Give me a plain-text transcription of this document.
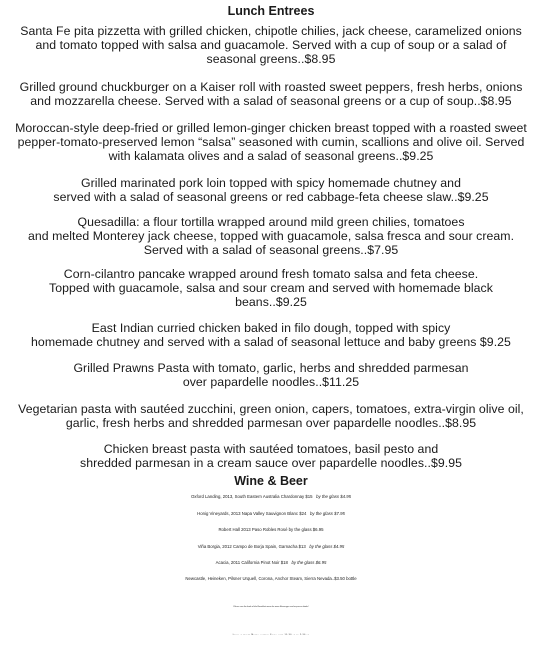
Lunch Entrees
Santa Fe pita pizzetta with grilled chicken, chipotle chilies, jack cheese, caramelized onions
and tomato topped with salsa and guacamole. Served with a cup of soup or a salad of
seasonal greens..$8.95
Grilled ground chuckburger on a Kaiser roll with roasted sweet peppers, fresh herbs, onions
and mozzarella cheese. Served with a salad of seasonal greens or a cup of soup..$8.95
Moroccan-style deep-fried or grilled lemon-ginger chicken breast topped with a roasted sweet
pepper-tomato-preserved lemon “salsa” seasoned with cumin, scallions and olive oil. Served
with kalamata olives and a salad of seasonal greens..$9.25
Grilled marinated pork loin topped with spicy homemade chutney and
served with a salad of seasonal greens or red cabbage-feta cheese slaw..$9.25
Quesadilla: a flour tortilla wrapped around mild green chilies, tomatoes
and melted Monterey jack cheese, topped with guacamole, salsa fresca and sour cream.
Served with a salad of seasonal greens..$7.95
Corn-cilantro pancake wrapped around fresh tomato salsa and feta cheese.
Topped with guacamole, salsa and sour cream and served with homemade black
beans..$9.25
East Indian curried chicken baked in filo dough, topped with spicy
homemade chutney and served with a salad of seasonal lettuce and baby greens $9.25
Grilled Prawns Pasta with tomato, garlic, herbs and shredded parmesan
over papardelle noodles..$11.25
Vegetarian pasta with sautéed zucchini, green onion, capers, tomatoes, extra-virgin olive oil,
garlic, fresh herbs and shredded parmesan over papardelle noodles..$8.95
Chicken breast pasta with sautéed tomatoes, basil pesto and
shredded parmesan in a cream sauce over papardelle noodles..$9.95
Wine & Beer
Oxford Landing, 2013, South Eastern Australia Chardonnay $15 by the glass $4.95
Honig Vineyards, 2013 Napa Valley Sauvignon Blanc $24 by the glass $7.95
Robert Hall 2013 Paso Robles Rosé by the glass $6.95
Viña Borgia, 2012 Campo de Borja Spain, Garnacha $13 by the glass $4.95
Acacia, 2011 California Pinot Noir $18 by the glass $6.95
Newcastle, Heineken, Pilsner Urquell, Corona, Anchor Steam, Sierra Nevada..$3.50 bottle
Please see the back of the Breakfast menu for more Beverages and espresso drinks!
Lunch is served Monday through Friday from 11:30 am to 2:30 pm
